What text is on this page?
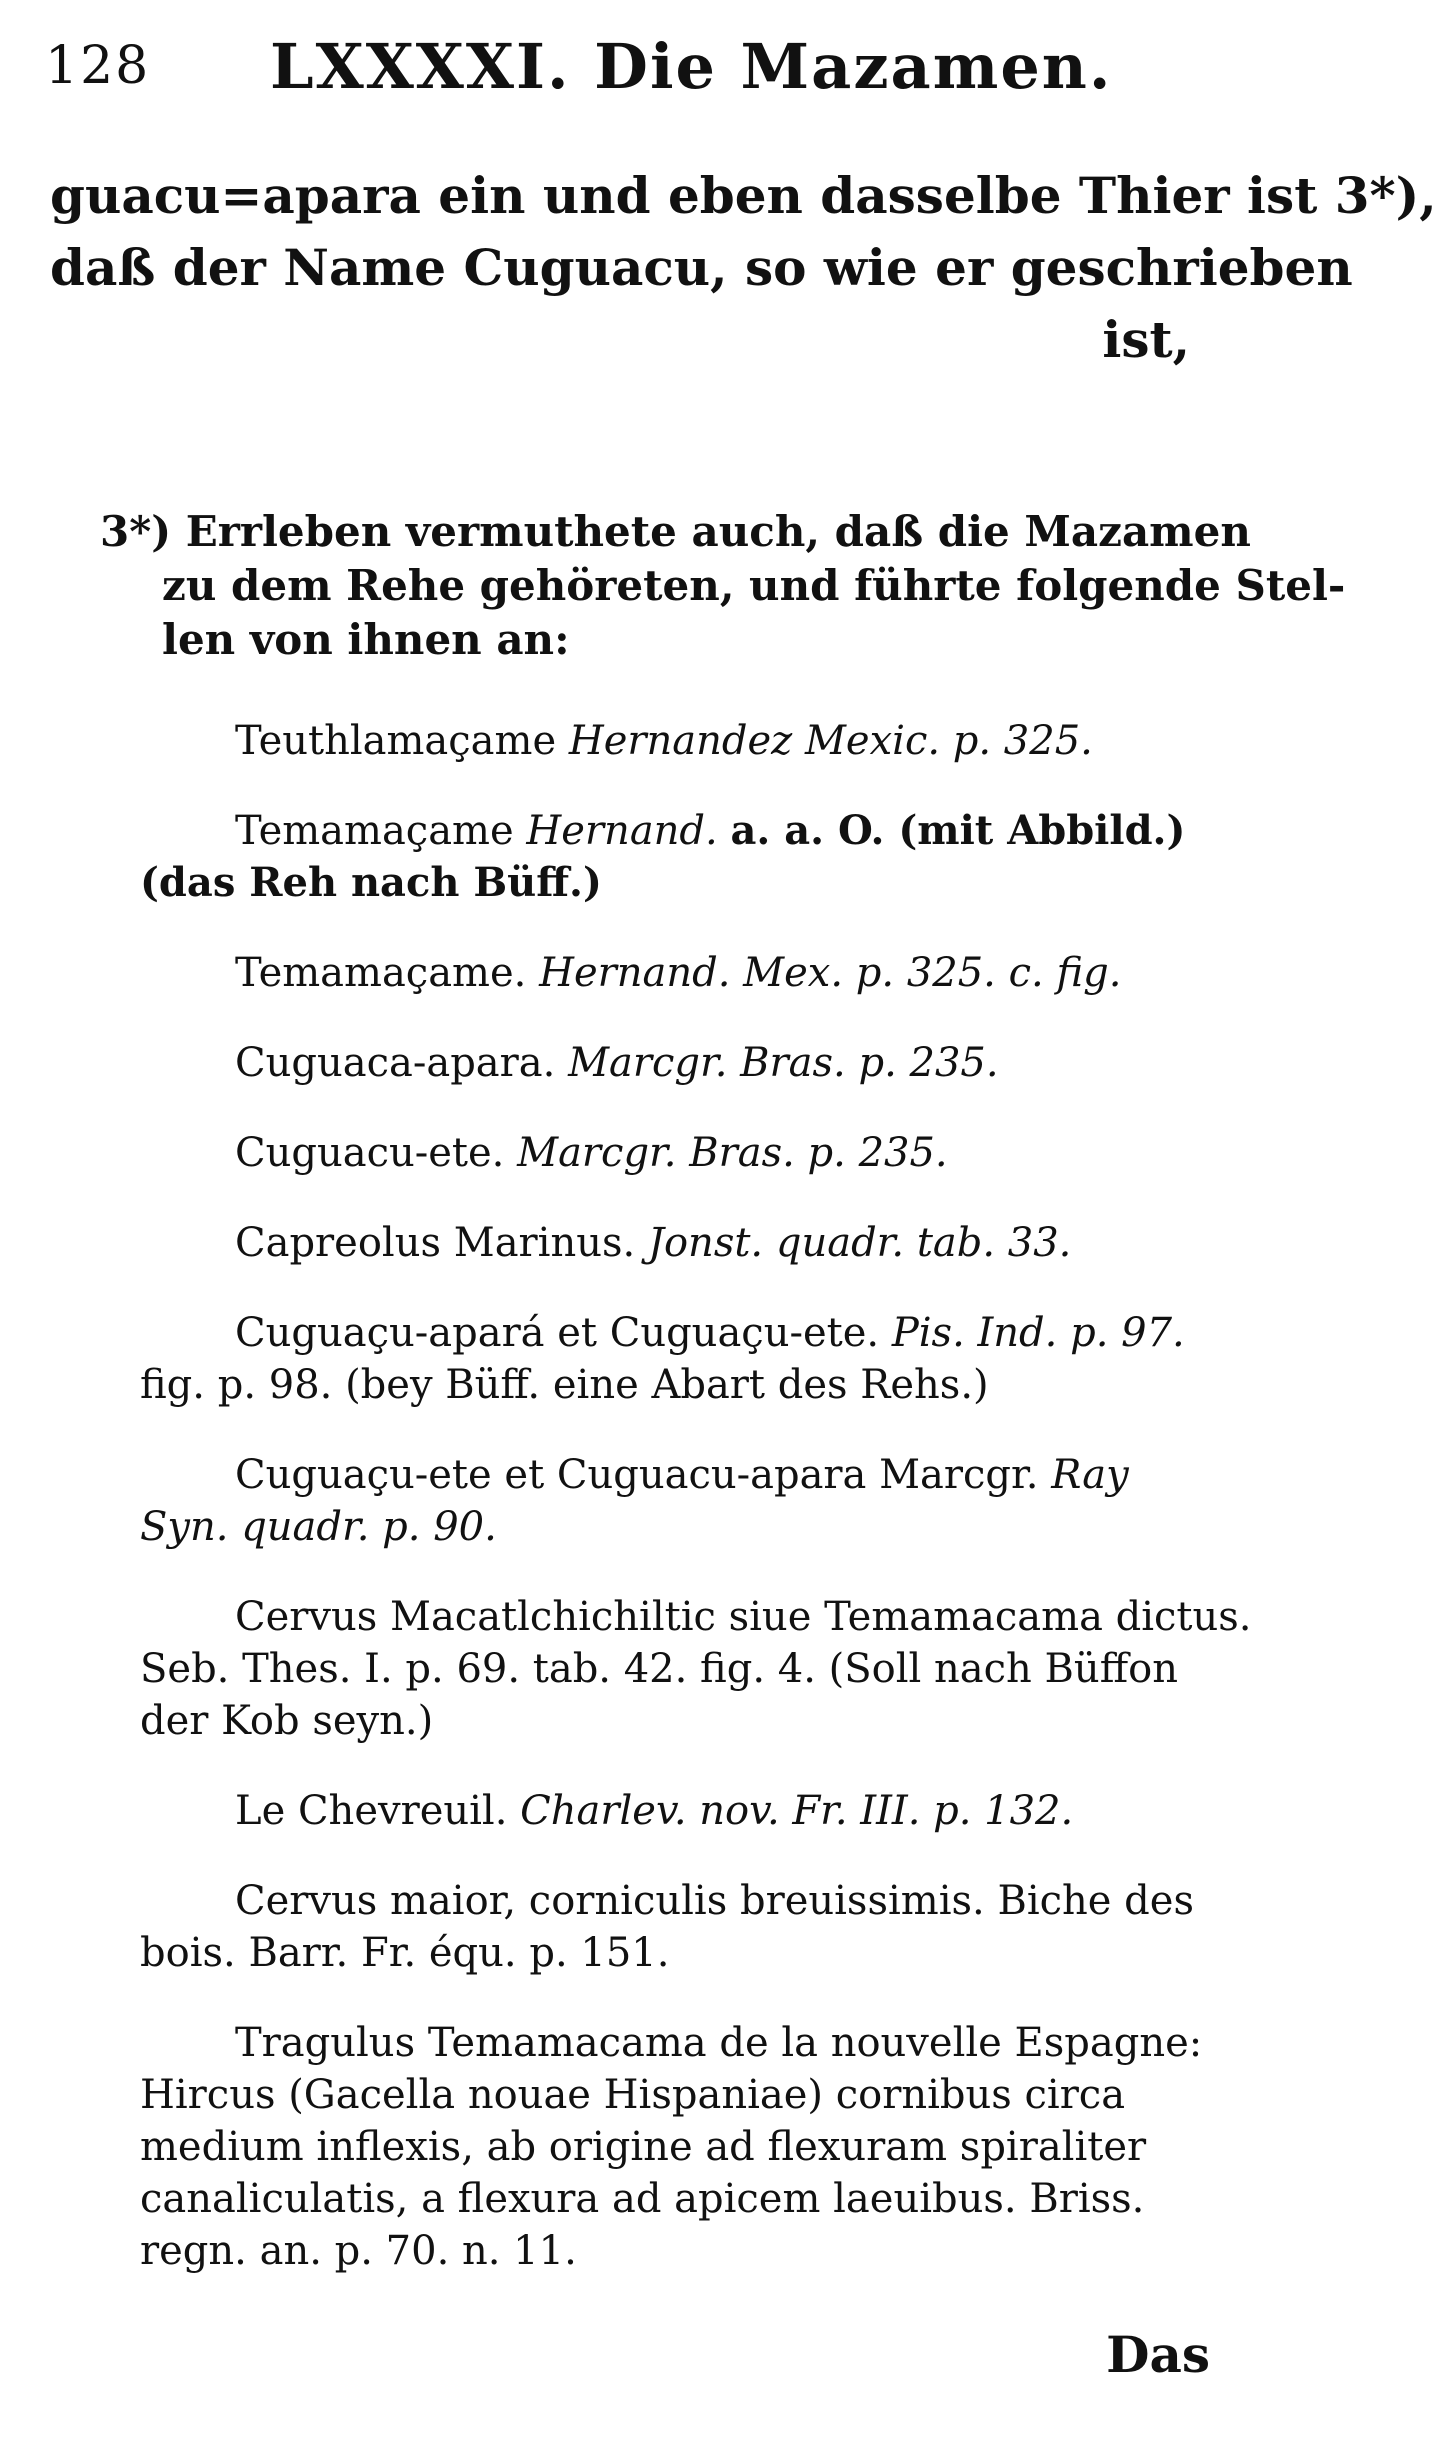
128 LXXXXI. Die Mazamen.
guacu=apara ein und eben dasselbe Thier ist 3*),
daß der Name Cuguacu, so wie er geschrieben
ist,
3*) Errleben vermuthete auch, daß die Mazamen
zu dem Rehe gehöreten, und führte folgende Stel-
len von ihnen an:
Teuthlamaçame Hernandez Mexic. p. 325.
Temamaçame Hernand. a. a. O. (mit Abbild.)
(das Reh nach Büff.)
Temamaçame. Hernand. Mex. p. 325. c. fig.
Cuguaca-apara. Marcgr. Bras. p. 235.
Cuguacu-ete. Marcgr. Bras. p. 235.
Capreolus Marinus. Jonst. quadr. tab. 33.
Cuguaçu-apará et Cuguaçu-ete. Pis. Ind. p. 97.
fig. p. 98. (bey Büff. eine Abart des Rehs.)
Cuguaçu-ete et Cuguacu-apara Marcgr. Ray
Syn. quadr. p. 90.
Cervus Macatlchichiltic siue Temamacama dictus.
Seb. Thes. I. p. 69. tab. 42. fig. 4. (Soll nach Büffon
der Kob seyn.)
Le Chevreuil. Charlev. nov. Fr. III. p. 132.
Cervus maior, corniculis breuissimis. Biche des
bois. Barr. Fr. équ. p. 151.
Tragulus Temamacama de la nouvelle Espagne:
Hircus (Gacella nouae Hispaniae) cornibus circa
medium inflexis, ab origine ad flexuram spiraliter
canaliculatis, a flexura ad apicem laeuibus. Briss.
regn. an. p. 70. n. 11.
Das
